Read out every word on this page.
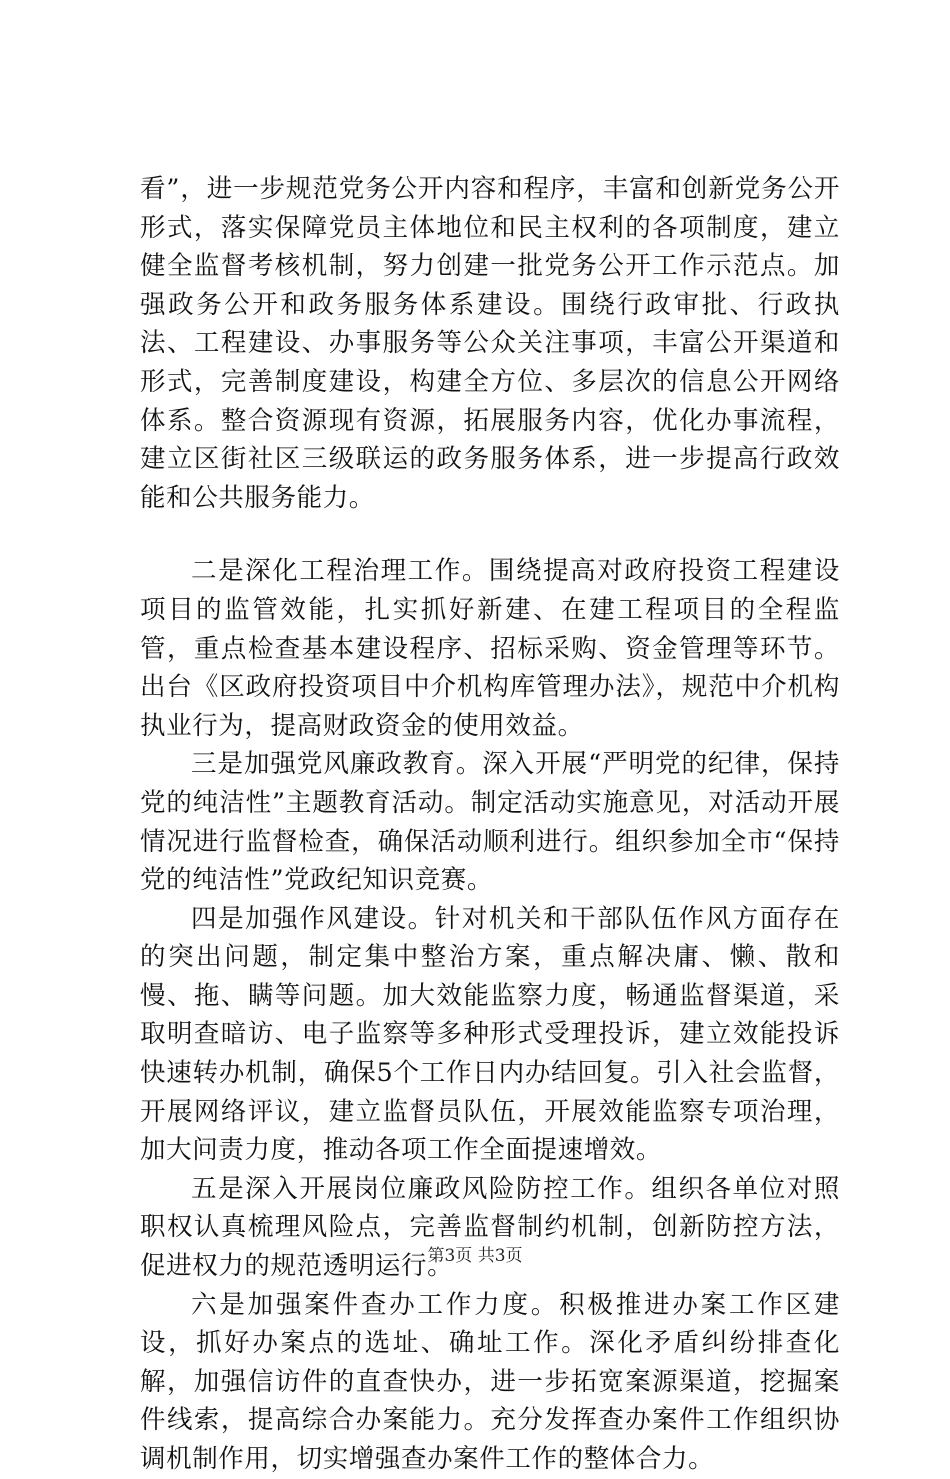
看”，进一步规范党务公开内容和程序，丰富和创新党务公开形式，落实保障党员主体地位和民主权利的各项制度，建立健全监督考核机制，努力创建一批党务公开工作示范点。加强政务公开和政务服务体系建设。围绕行政审批、行政执法、工程建设、办事服务等公众关注事项，丰富公开渠道和形式，完善制度建设，构建全方位、多层次的信息公开网络体系。整合资源现有资源，拓展服务内容，优化办事流程，建立区街社区三级联运的政务服务体系，进一步提高行政效能和公共服务能力。

二是深化工程治理工作。围绕提高对政府投资工程建设项目的监管效能，扎实抓好新建、在建工程项目的全程监管，重点检查基本建设程序、招标采购、资金管理等环节。出台《区政府投资项目中介机构库管理办法》，规范中介机构执业行为，提高财政资金的使用效益。

三是加强党风廉政教育。深入开展“严明党的纪律，保持党的纯洁性”主题教育活动。制定活动实施意见，对活动开展情况进行监督检查，确保活动顺利进行。组织参加全市“保持党的纯洁性”党政纪知识竞赛。

四是加强作风建设。针对机关和干部队伍作风方面存在的突出问题，制定集中整治方案，重点解决庸、懒、散和慢、拖、瞒等问题。加大效能监察力度，畅通监督渠道，采取明查暗访、电子监察等多种形式受理投诉，建立效能投诉快速转办机制，确保5个工作日内办结回复。引入社会监督，开展网络评议，建立监督员队伍，开展效能监察专项治理，加大问责力度，推动各项工作全面提速增效。

五是深入开展岗位廉政风险防控工作。组织各单位对照职权认真梳理风险点，完善监督制约机制，创新防控方法，促进权力的规范透明运行。

六是加强案件查办工作力度。积极推进办案工作区建设，抓好办案点的选址、确址工作。深化矛盾纠纷排查化解，加强信访件的直查快办，进一步拓宽案源渠道，挖掘案件线索，提高综合办案能力。充分发挥查办案件工作组织协调机制作用，切实增强查办案件工作的整体合力。

第3页 共3页
